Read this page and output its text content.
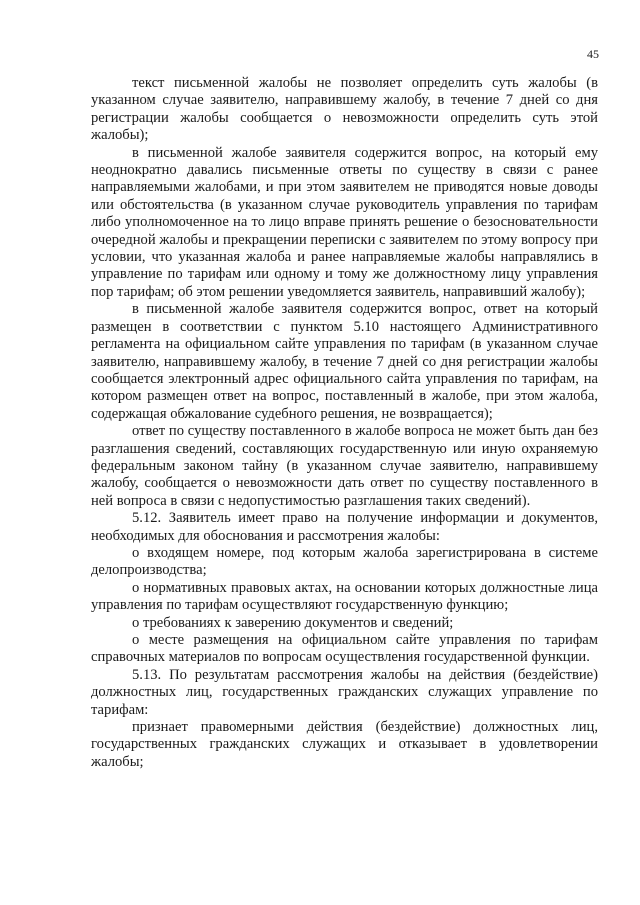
45

текст письменной жалобы не позволяет определить суть жалобы (в указанном случае заявителю, направившему жалобу, в течение 7 дней со дня регистрации жалобы сообщается о невозможности определить суть этой жалобы);

в письменной жалобе заявителя содержится вопрос, на который ему неоднократно давались письменные ответы по существу в связи с ранее направляемыми жалобами, и при этом заявителем не приводятся новые доводы или обстоятельства (в указанном случае руководитель управления по тарифам либо уполномоченное на то лицо вправе принять решение о безосновательности очередной жалобы и прекращении переписки с заявителем по этому вопросу при условии, что указанная жалоба и ранее направляемые жалобы направлялись в управление по тарифам или одному и тому же должностному лицу управления пор тарифам; об этом решении уведомляется заявитель, направивший жалобу);

в письменной жалобе заявителя содержится вопрос, ответ на который размещен в соответствии с пунктом 5.10 настоящего Административного регламента на официальном сайте управления по тарифам (в указанном случае заявителю, направившему жалобу, в течение 7 дней со дня регистрации жалобы сообщается электронный адрес официального сайта управления по тарифам, на котором размещен ответ на вопрос, поставленный в жалобе, при этом жалоба, содержащая обжалование судебного решения, не возвращается);

ответ по существу поставленного в жалобе вопроса не может быть дан без разглашения сведений, составляющих государственную или иную охраняемую федеральным законом тайну (в указанном случае заявителю, направившему жалобу, сообщается о невозможности дать ответ по существу поставленного в ней вопроса в связи с недопустимостью разглашения таких сведений).

5.12. Заявитель имеет право на получение информации и документов, необходимых для обоснования и рассмотрения жалобы:

о входящем номере, под которым жалоба зарегистрирована в системе делопроизводства;

о нормативных правовых актах, на основании которых должностные лица управления по тарифам осуществляют государственную функцию;

о требованиях к заверению документов и сведений;

о месте размещения на официальном сайте управления по тарифам справочных материалов по вопросам осуществления государственной функции.

5.13. По результатам рассмотрения жалобы на действия (бездействие) должностных лиц, государственных гражданских служащих управление по тарифам:

признает правомерными действия (бездействие) должностных лиц, государственных гражданских служащих и отказывает в удовлетворении жалобы;
